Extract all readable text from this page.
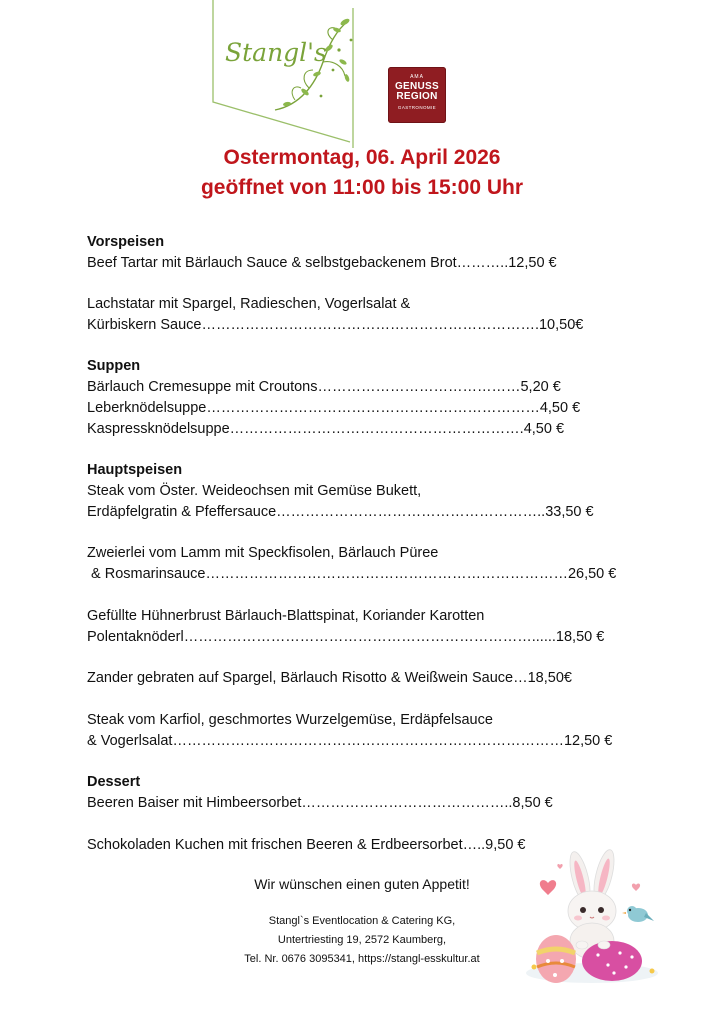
Stangl's
AMA
GENUSS
REGION
GASTRONOMIE
Ostermontag, 06. April 2026
geöffnet von 11:00 bis 15:00 Uhr
Vorspeisen
Beef Tartar mit Bärlauch Sauce & selbstgebackenem Brot………..12,50 €
Lachstatar mit Spargel, Radieschen, Vogerlsalat &
Kürbiskern Sauce…………………………………………………………….10,50€
Suppen
Bärlauch Cremesuppe mit Croutons……………………………………5,20 €
Leberknödelsuppe……………………………………………………………4,50 €
Kaspressknödelsuppe…………………………………………………….4,50 €
Hauptspeisen
Steak vom Öster. Weideochsen mit Gemüse Bukett,
Erdäpfelgratin & Pfeffersauce………………………………………………..33,50 €
Zweierlei vom Lamm mit Speckfisolen, Bärlauch Püree
& Rosmarinsauce…………………………………………………………………26,50 €
Gefüllte Hühnerbrust Bärlauch-Blattspinat, Koriander Karotten
Polentaknöderl………………………………………………………………......18,50 €
Zander gebraten auf Spargel, Bärlauch Risotto & Weißwein Sauce…18,50€
Steak vom Karfiol, geschmortes Wurzelgemüse, Erdäpfelsauce
& Vogerlsalat………………………………………………………………………12,50 €
Dessert
Beeren Baiser mit Himbeersorbet……………………………………..8,50 €
Schokoladen Kuchen mit frischen Beeren & Erdbeersorbet…..9,50 €
Wir wünschen einen guten Appetit!
Stangl`s Eventlocation & Catering KG,
Untertriesting 19, 2572 Kaumberg,
Tel. Nr. 0676 3095341, https://stangl-esskultur.at
